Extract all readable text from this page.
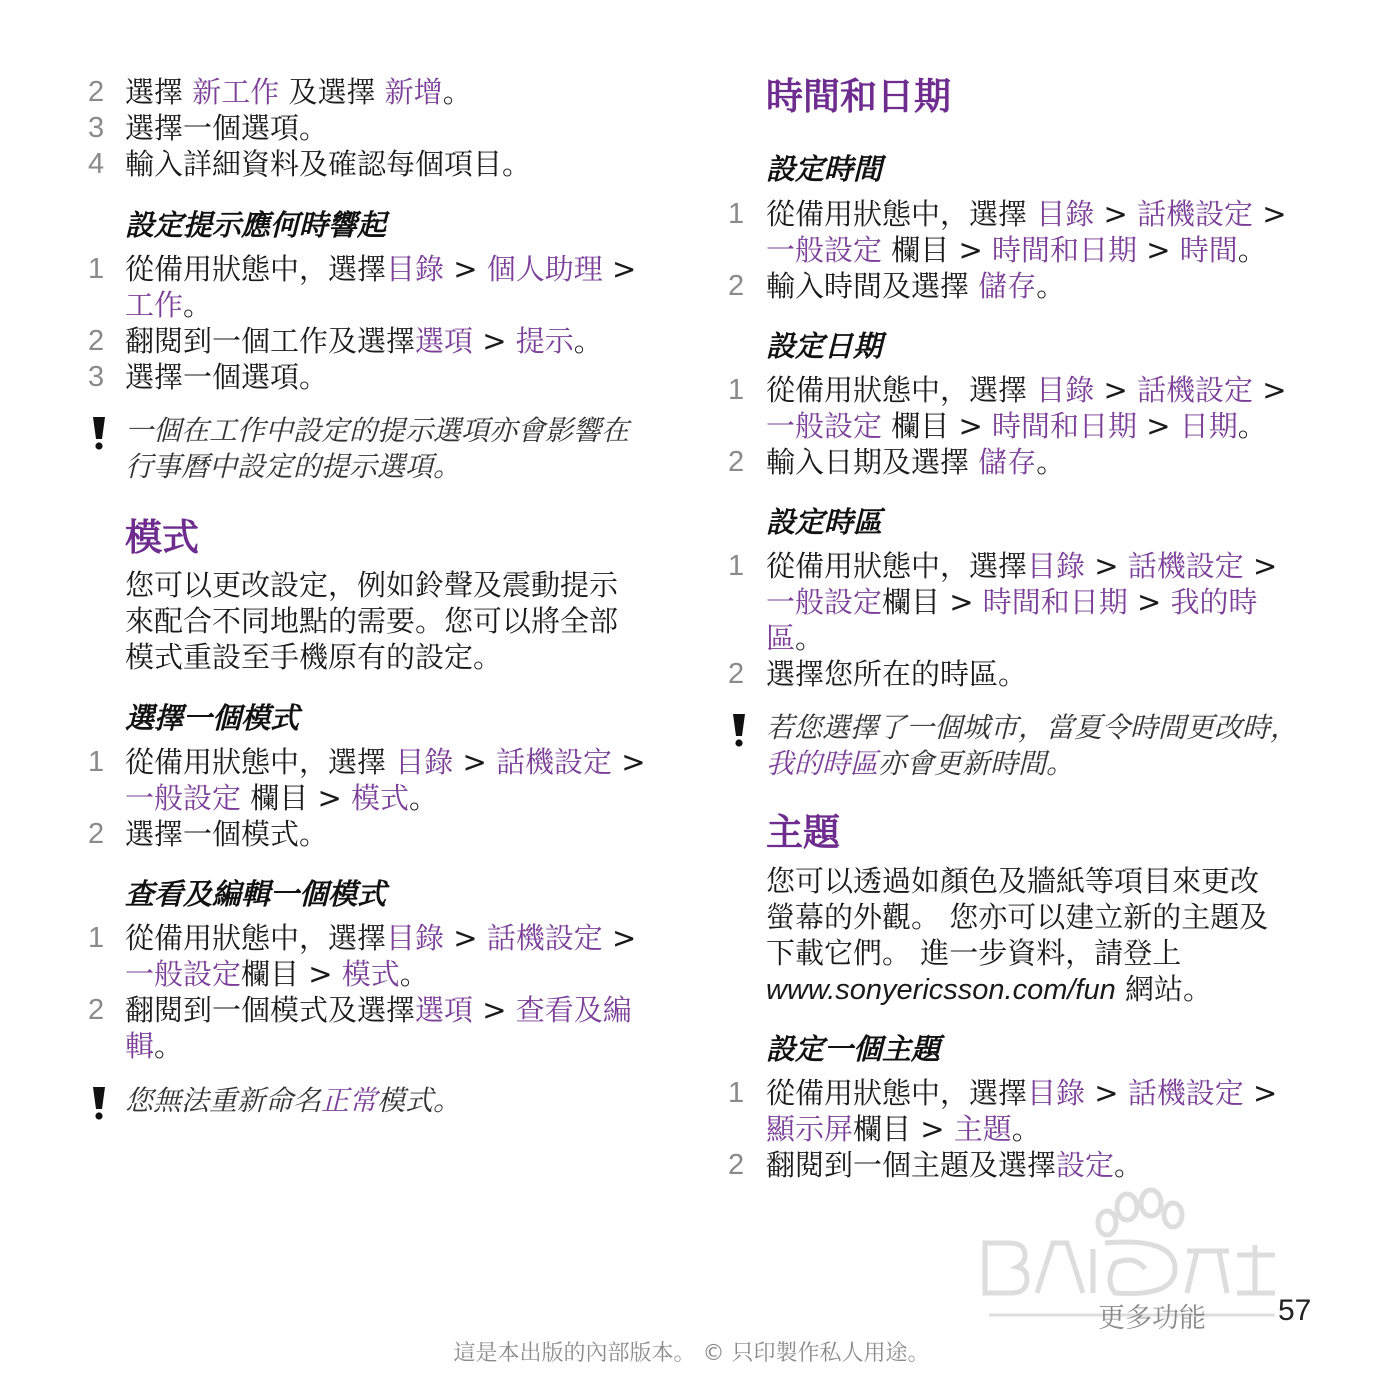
2 選擇 新工作 及選擇 新增。
3 選擇一個選項。
4 輸入詳細資料及確認每個項目。
設定提示應何時響起
1 從備用狀態中，選擇目錄 > 個人助理 >
工作。
2 翻閱到一個工作及選擇選項 > 提示。
3 選擇一個選項。
一個在工作中設定的提示選項亦會影響在
行事曆中設定的提示選項。
模式
您可以更改設定，例如鈴聲及震動提示
來配合不同地點的需要。您可以將全部
模式重設至手機原有的設定。
選擇一個模式
1 從備用狀態中，選擇 目錄 > 話機設定 >
一般設定 欄目 > 模式。
2 選擇一個模式。
查看及編輯一個模式
1 從備用狀態中，選擇目錄 > 話機設定 >
一般設定欄目 > 模式。
2 翻閱到一個模式及選擇選項 > 查看及編
輯。
您無法重新命名正常模式。
時間和日期
設定時間
1 從備用狀態中，選擇 目錄 > 話機設定 >
一般設定 欄目 > 時間和日期 > 時間。
2 輸入時間及選擇 儲存。
設定日期
1 從備用狀態中，選擇 目錄 > 話機設定 >
一般設定 欄目 > 時間和日期 > 日期。
2 輸入日期及選擇 儲存。
設定時區
1 從備用狀態中，選擇目錄 > 話機設定 >
一般設定欄目 > 時間和日期 > 我的時
區。
2 選擇您所在的時區。
若您選擇了一個城市，當夏令時間更改時，
我的時區亦會更新時間。
主題
您可以透過如顏色及牆紙等項目來更改
螢幕的外觀。 您亦可以建立新的主題及
下載它們。 進一步資料，請登上
www.sonyericsson.com/fun 網站。
設定一個主題
1 從備用狀態中，選擇目錄 > 話機設定 >
顯示屏欄目 > 主題。
2 翻閱到一個主題及選擇設定。
更多功能 57
這是本出版的內部版本。 © 只印製作私人用途。
